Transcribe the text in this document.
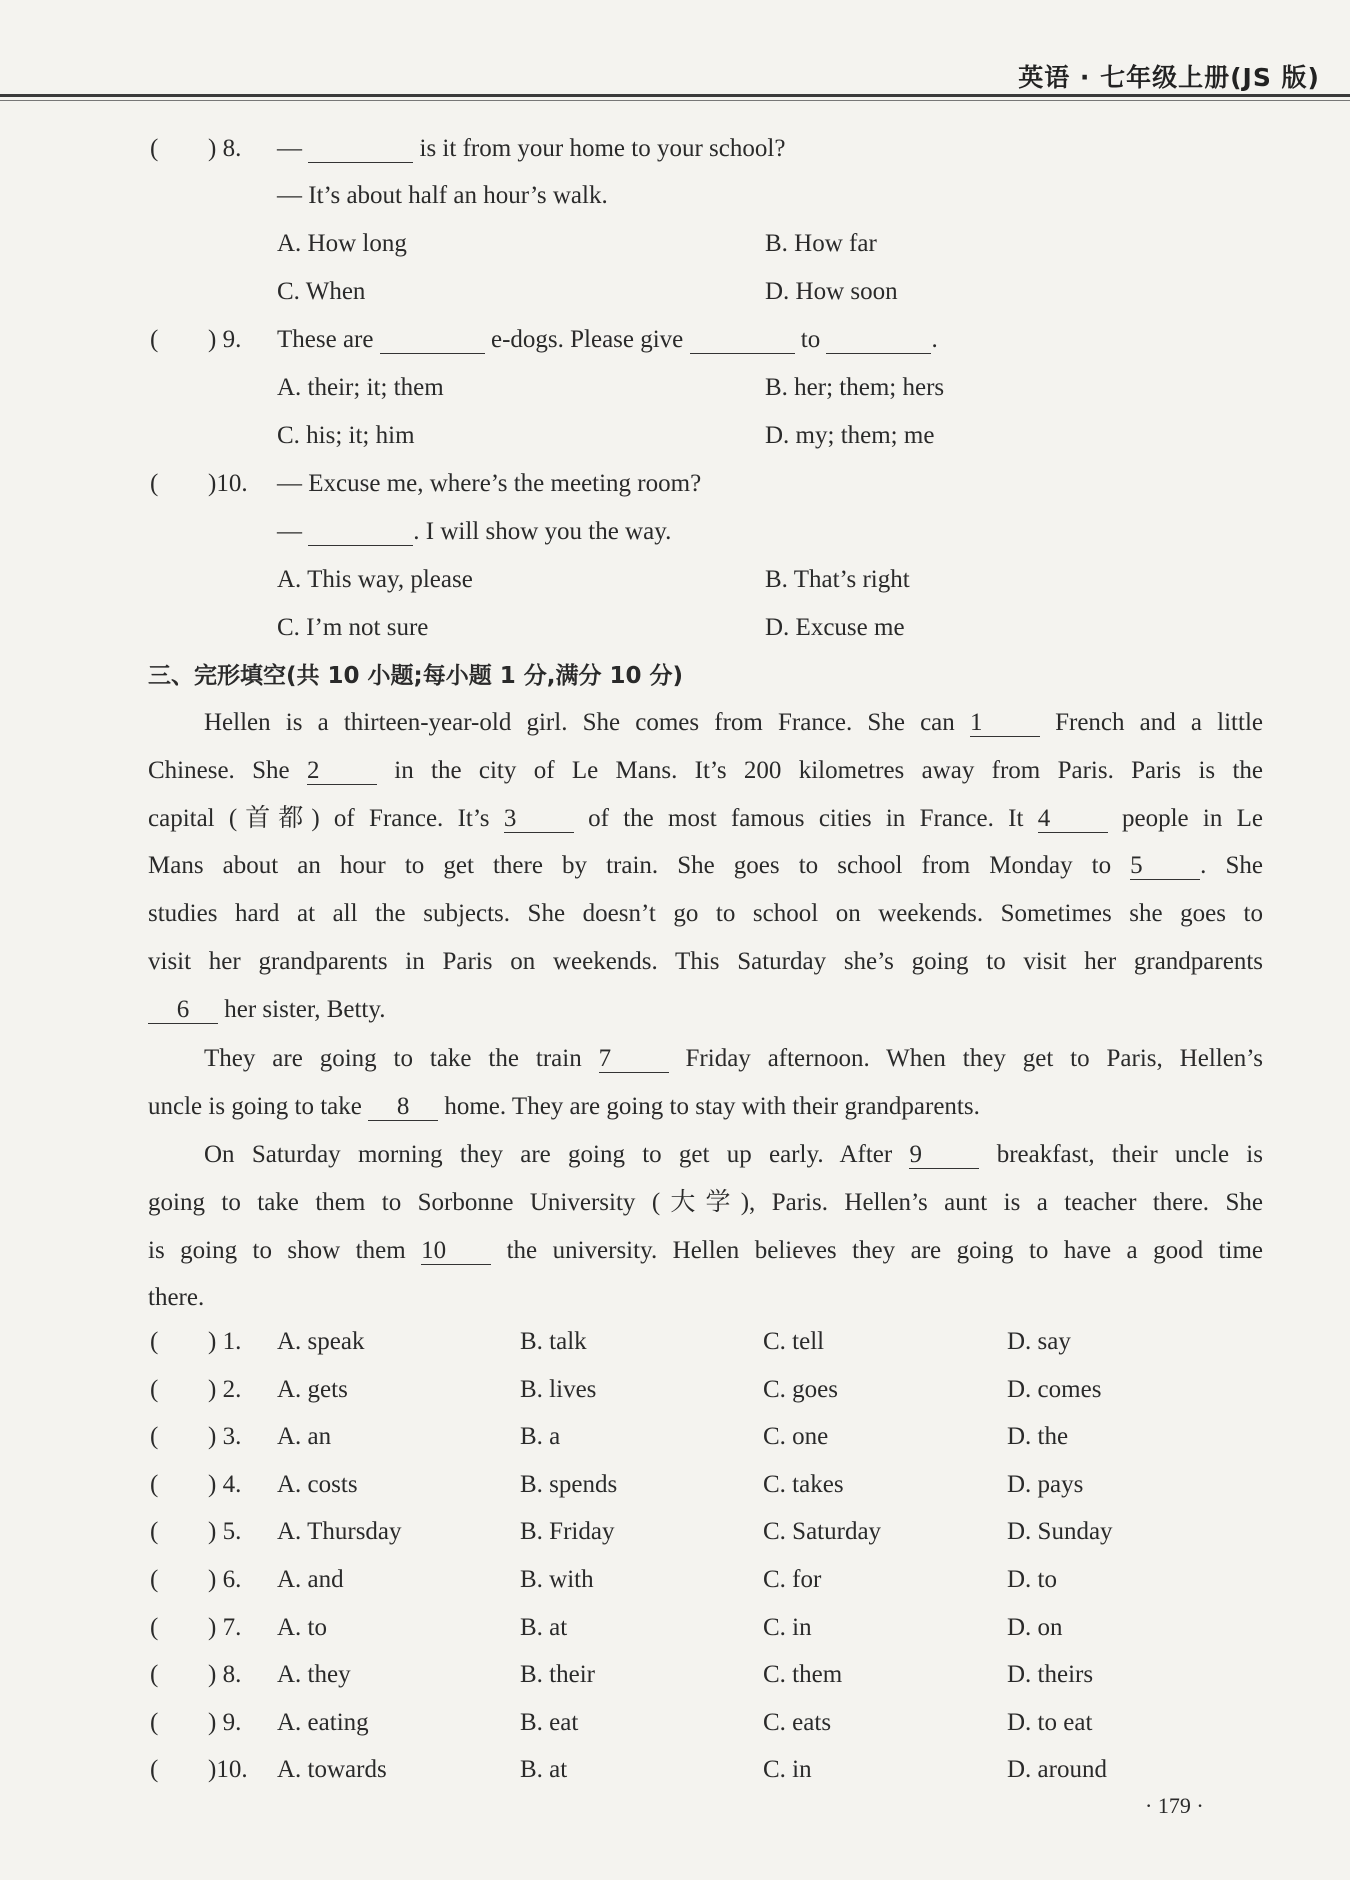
英语 · 七年级上册(JS 版)
( ) 8. —	is it from your home to your school?
— It’s about half an hour’s walk.
A. How long	B. How far
C. When	D. How soon
( ) 9. These are	e-dogs. Please give	to	.
A. their; it; them	B. her; them; hers
C. his; it; him	D. my; them; me
( )10. — Excuse me, where’s the meeting room?
—	. I will show you the way.
A. This way, please	B. That’s right
C. I’m not sure	D. Excuse me
三、完形填空(共 10 小题;每小题 1 分,满分 10 分)
Hellen is a thirteen-year-old girl. She comes from France. She can 1 French and a little
Chinese. She 2 in the city of Le Mans. It’s 200 kilometres away from Paris. Paris is the
capital (首都) of France. It’s 3 of the most famous cities in France. It 4 people in Le
Mans about an hour to get there by train. She goes to school from Monday to 5 . She
studies hard at all the subjects. She doesn’t go to school on weekends. Sometimes she goes to
visit her grandparents in Paris on weekends. This Saturday she’s going to visit her grandparents
6 her sister, Betty.
They are going to take the train 7 Friday afternoon. When they get to Paris, Hellen’s
uncle is going to take 8 home. They are going to stay with their grandparents.
On Saturday morning they are going to get up early. After 9 breakfast, their uncle is
going to take them to Sorbonne University (大学), Paris. Hellen’s aunt is a teacher there. She
is going to show them 10 the university. Hellen believes they are going to have a good time
there.
( ) 1. A. speak	B. talk	C. tell	D. say
( ) 2. A. gets	B. lives	C. goes	D. comes
( ) 3. A. an	B. a	C. one	D. the
( ) 4. A. costs	B. spends	C. takes	D. pays
( ) 5. A. Thursday	B. Friday	C. Saturday	D. Sunday
( ) 6. A. and	B. with	C. for	D. to
( ) 7. A. to	B. at	C. in	D. on
( ) 8. A. they	B. their	C. them	D. theirs
( ) 9. A. eating	B. eat	C. eats	D. to eat
( )10. A. towards	B. at	C. in	D. around
· 179 ·
